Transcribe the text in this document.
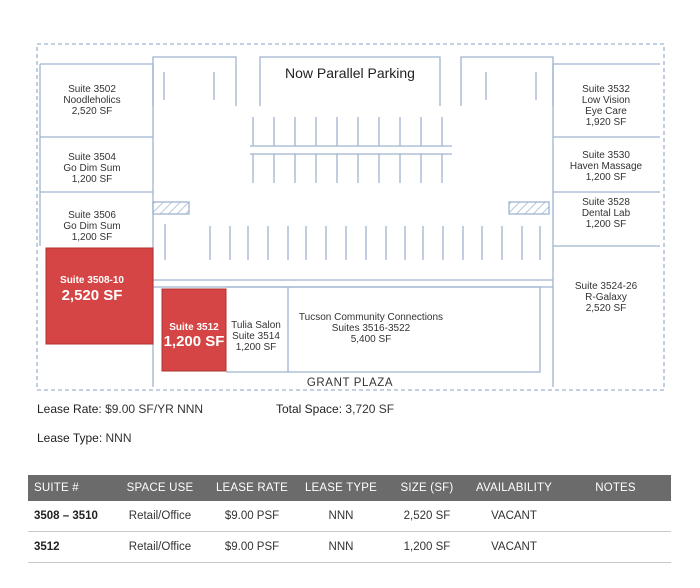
Suite 3502
Noodleholics
2,520 SF
Suite 3504
Go Dim Sum
1,200 SF
Suite 3506
Go Dim Sum
1,200 SF
Suite 3508-10
2,520 SF
Suite 3512
1,200 SF
Tulia Salon
Suite 3514
1,200 SF
Tucson Community Connections
Suites 3516-3522
5,400 SF
Suite 3524-26
R-Galaxy
2,520 SF
Suite 3528
Dental Lab
1,200 SF
Suite 3530
Haven Massage
1,200 SF
Suite 3532
Low Vision
Eye Care
1,920 SF
Now Parallel Parking
GRANT PLAZA
Lease Rate: $9.00 SF/YR NNN	Total Space: 3,720 SF
Lease Type: NNN
SUITE #	SPACE USE	LEASE RATE	LEASE TYPE	SIZE (SF)	AVAILABILITY	NOTES
3508 – 3510	Retail/Office	$9.00 PSF	NNN	2,520 SF	VACANT	
3512	Retail/Office	$9.00 PSF	NNN	1,200 SF	VACANT	
